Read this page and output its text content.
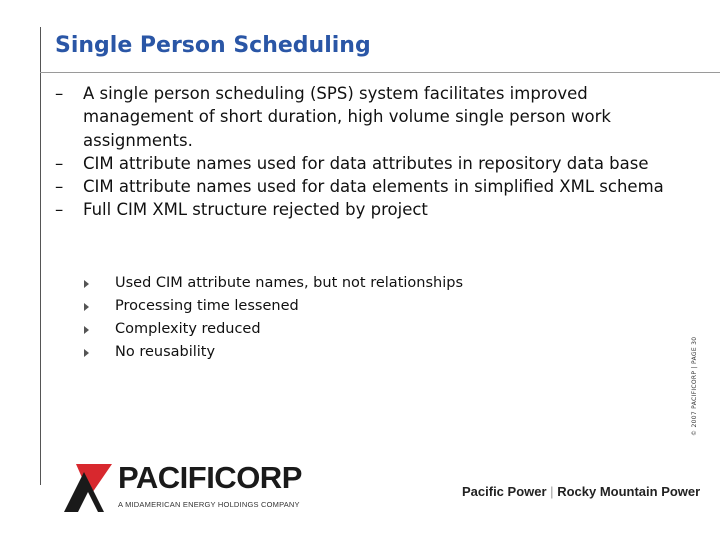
Single Person Scheduling
–	A single person scheduling (SPS) system facilitates improved management of short duration, high volume single person work assignments.
–	CIM attribute names used for data attributes in repository data base
–	CIM attribute names used for data elements in simplified XML schema
–	Full CIM XML structure rejected by project
Used CIM attribute names, but not relationships
Processing time lessened
Complexity reduced
No reusability	© 2007 PACIFICORP | PAGE 30
PACIFICORP
A MIDAMERICAN ENERGY HOLDINGS COMPANY
Pacific Power | Rocky Mountain Power
